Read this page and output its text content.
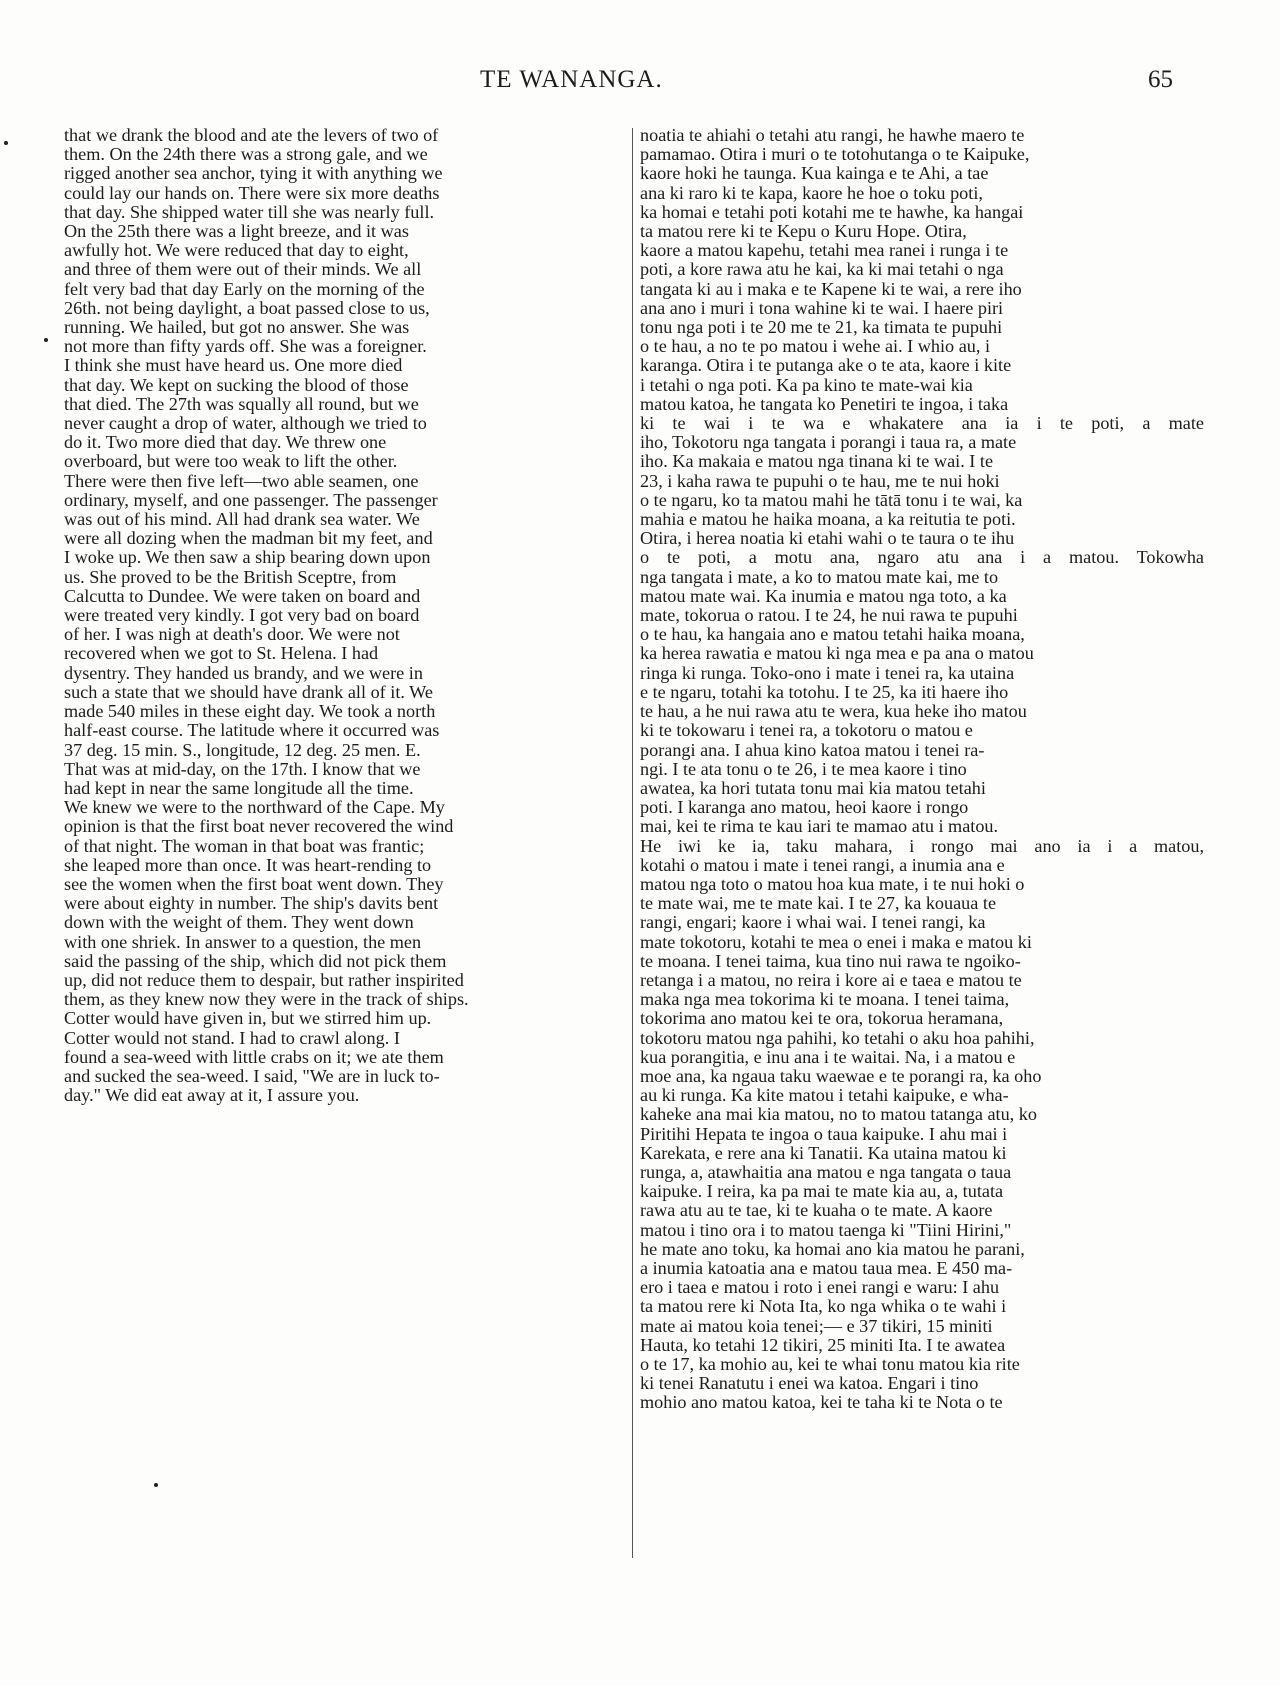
TE WANANGA.	65
that we drank the blood and ate the levers of two of
them. On the 24th there was a strong gale, and we
rigged another sea anchor, tying it with anything we
could lay our hands on. There were six more deaths
that day. She shipped water till she was nearly full.
On the 25th there was a light breeze, and it was
awfully hot. We were reduced that day to eight,
and three of them were out of their minds. We all
felt very bad that day Early on the morning of the
26th. not being daylight, a boat passed close to us,
running. We hailed, but got no answer. She was
not more than fifty yards off. She was a foreigner.
I think she must have heard us. One more died
that day. We kept on sucking the blood of those
that died. The 27th was squally all round, but we
never caught a drop of water, although we tried to
do it. Two more died that day. We threw one
overboard, but were too weak to lift the other.
There were then five left—two able seamen, one
ordinary, myself, and one passenger. The passenger
was out of his mind. All had drank sea water. We
were all dozing when the madman bit my feet, and
I woke up. We then saw a ship bearing down upon
us. She proved to be the British Sceptre, from
Calcutta to Dundee. We were taken on board and
were treated very kindly. I got very bad on board
of her. I was nigh at death's door. We were not
recovered when we got to St. Helena. I had
dysentry. They handed us brandy, and we were in
such a state that we should have drank all of it. We
made 540 miles in these eight day. We took a north
half-east course. The latitude where it occurred was
37 deg. 15 min. S., longitude, 12 deg. 25 men. E.
That was at mid-day, on the 17th. I know that we
had kept in near the same longitude all the time.
We knew we were to the northward of the Cape. My
opinion is that the first boat never recovered the wind
of that night. The woman in that boat was frantic;
she leaped more than once. It was heart-rending to
see the women when the first boat went down. They
were about eighty in number. The ship's davits bent
down with the weight of them. They went down
with one shriek. In answer to a question, the men
said the passing of the ship, which did not pick them
up, did not reduce them to despair, but rather inspirited
them, as they knew now they were in the track of ships.
Cotter would have given in, but we stirred him up.
Cotter would not stand. I had to crawl along. I
found a sea-weed with little crabs on it; we ate them
and sucked the sea-weed. I said, "We are in luck to-
day." We did eat away at it, I assure you.
noatia te ahiahi o tetahi atu rangi, he hawhe maero te
pamamao. Otira i muri o te totohutanga o te Kaipuke,
kaore hoki he taunga. Kua kainga e te Ahi, a tae
ana ki raro ki te kapa, kaore he hoe o toku poti,
ka homai e tetahi poti kotahi me te hawhe, ka hangai
ta matou rere ki te Kepu o Kuru Hope. Otira,
kaore a matou kapehu, tetahi mea ranei i runga i te
poti, a kore rawa atu he kai, ka ki mai tetahi o nga
tangata ki au i maka e te Kapene ki te wai, a rere iho
ana ano i muri i tona wahine ki te wai. I haere piri
tonu nga poti i te 20 me te 21, ka timata te pupuhi
o te hau, a no te po matou i wehe ai. I whio au, i
karanga. Otira i te putanga ake o te ata, kaore i kite
i tetahi o nga poti. Ka pa kino te mate-wai kia
matou katoa, he tangata ko Penetiri te ingoa, i taka
ki te wai i te wa e whakatere ana ia i te poti, a mate
iho, Tokotoru nga tangata i porangi i taua ra, a mate
iho. Ka makaia e matou nga tinana ki te wai. I te
23, i kaha rawa te pupuhi o te hau, me te nui hoki
o te ngaru, ko ta matou mahi he tātā tonu i te wai, ka
mahia e matou he haika moana, a ka reitutia te poti.
Otira, i herea noatia ki etahi wahi o te taura o te ihu
o te poti, a motu ana, ngaro atu ana i a matou. Tokowha
nga tangata i mate, a ko to matou mate kai, me to
matou mate wai. Ka inumia e matou nga toto, a ka
mate, tokorua o ratou. I te 24, he nui rawa te pupuhi
o te hau, ka hangaia ano e matou tetahi haika moana,
ka herea rawatia e matou ki nga mea e pa ana o matou
ringa ki runga. Toko-ono i mate i tenei ra, ka utaina
e te ngaru, totahi ka totohu. I te 25, ka iti haere iho
te hau, a he nui rawa atu te wera, kua heke iho matou
ki te tokowaru i tenei ra, a tokotoru o matou e
porangi ana. I ahua kino katoa matou i tenei ra-
ngi. I te ata tonu o te 26, i te mea kaore i tino
awatea, ka hori tutata tonu mai kia matou tetahi
poti. I karanga ano matou, heoi kaore i rongo
mai, kei te rima te kau iari te mamao atu i matou.
He iwi ke ia, taku mahara, i rongo mai ano ia i a matou,
kotahi o matou i mate i tenei rangi, a inumia ana e
matou nga toto o matou hoa kua mate, i te nui hoki o
te mate wai, me te mate kai. I te 27, ka kouaua te
rangi, engari; kaore i whai wai. I tenei rangi, ka
mate tokotoru, kotahi te mea o enei i maka e matou ki
te moana. I tenei taima, kua tino nui rawa te ngoiko-
retanga i a matou, no reira i kore ai e taea e matou te
maka nga mea tokorima ki te moana. I tenei taima,
tokorima ano matou kei te ora, tokorua heramana,
tokotoru matou nga pahihi, ko tetahi o aku hoa pahihi,
kua porangitia, e inu ana i te waitai. Na, i a matou e
moe ana, ka ngaua taku waewae e te porangi ra, ka oho
au ki runga. Ka kite matou i tetahi kaipuke, e wha-
kaheke ana mai kia matou, no to matou tatanga atu, ko
Piritihi Hepata te ingoa o taua kaipuke. I ahu mai i
Karekata, e rere ana ki Tanatii. Ka utaina matou ki
runga, a, atawhaitia ana matou e nga tangata o taua
kaipuke. I reira, ka pa mai te mate kia au, a, tutata
rawa atu au te tae, ki te kuaha o te mate. A kaore
matou i tino ora i to matou taenga ki "Tiini Hirini,"
he mate ano toku, ka homai ano kia matou he parani,
a inumia katoatia ana e matou taua mea. E 450 ma-
ero i taea e matou i roto i enei rangi e waru: I ahu
ta matou rere ki Nota Ita, ko nga whika o te wahi i
mate ai matou koia tenei;— e 37 tikiri, 15 miniti
Hauta, ko tetahi 12 tikiri, 25 miniti Ita. I te awatea
o te 17, ka mohio au, kei te whai tonu matou kia rite
ki tenei Ranatutu i enei wa katoa. Engari i tino
mohio ano matou katoa, kei te taha ki te Nota o te
